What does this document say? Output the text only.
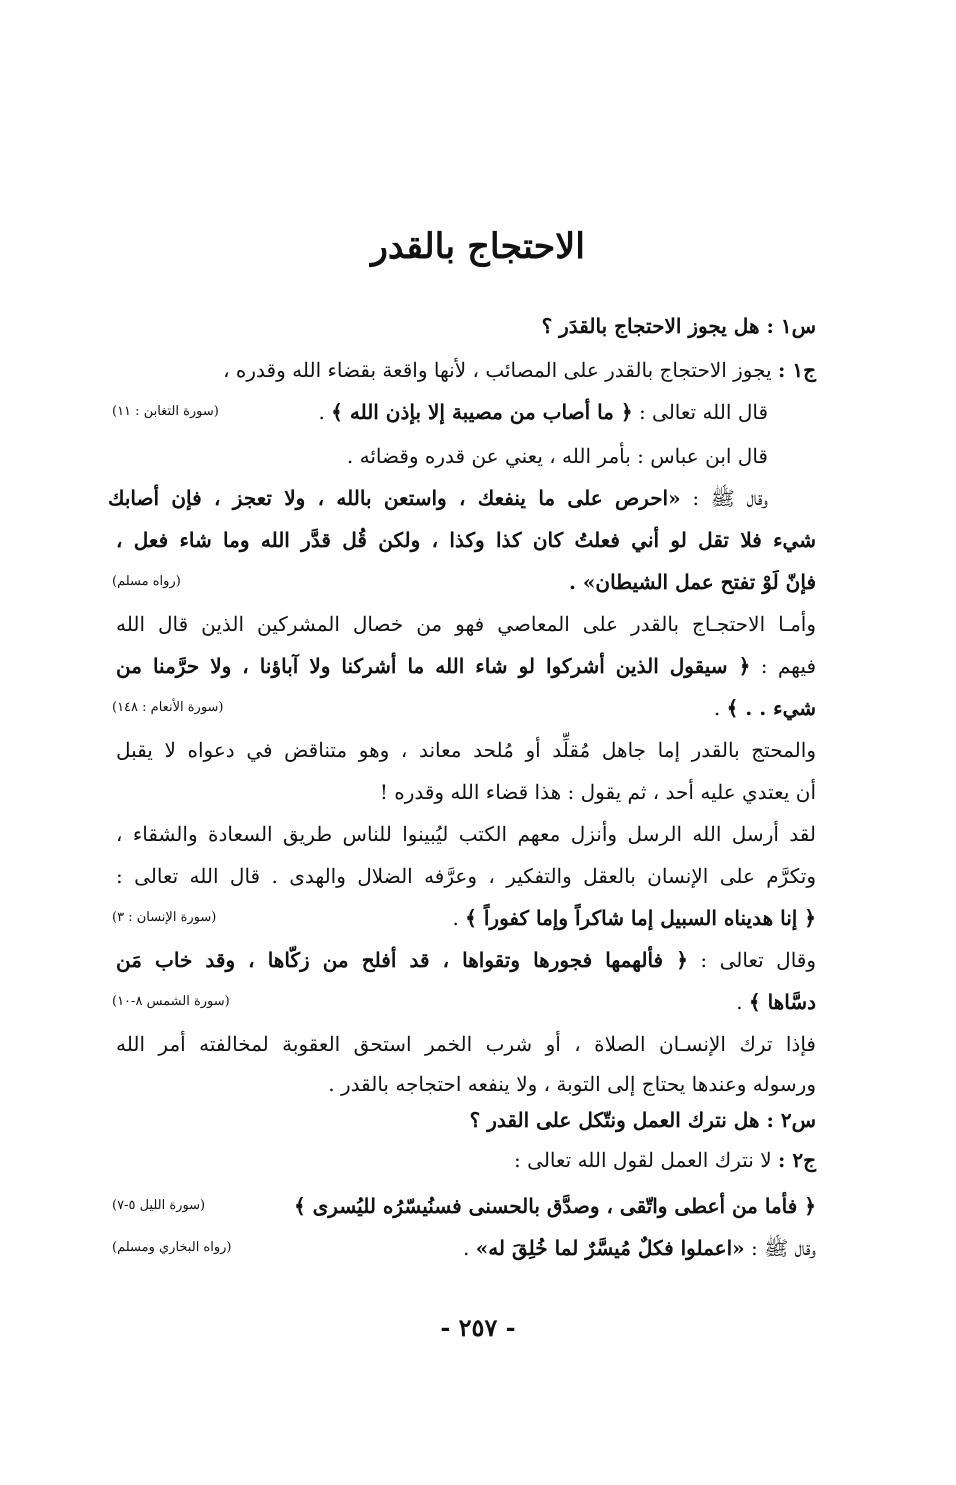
الاحتجاج بالقدر
س١ : هل يجوز الاحتجاج بالقدَر ؟
ج١ : يجوز الاحتجاج بالقدر على المصائب ، لأنها واقعة بقضاء الله وقدره ،
قال الله تعالى : ﴿ ما أصاب من مصيبة إلا بإذن الله ﴾ .
(سورة التغابن : ١١)
قال ابن عباس : بأمر الله ، يعني عن قدره وقضائه .
وقال ﷺ : «احرص على ما ينفعك ، واستعن بالله ، ولا تعجز ، فإن أصابك
شيء فلا تقل لو أني فعلتُ كان كذا وكذا ، ولكن قُل قدَّر الله وما شاء فعل ،
فإنّ لَوْ تفتح عمل الشيطان» .
(رواه مسلم)
وأمـا الاحتجـاج بالقدر على المعاصي فهو من خصال المشركين الذين قال الله
فيهم : ﴿ سيقول الذين أشركوا لو شاء الله ما أشركنا ولا آباؤنا ، ولا حرَّمنا من
شيء . . ﴾ .
(سورة الأنعام : ١٤٨)
والمحتج بالقدر إما جاهل مُقلِّد أو مُلحد معاند ، وهو متناقض في دعواه لا يقبل
أن يعتدي عليه أحد ، ثم يقول : هذا قضاء الله وقدره !
لقد أرسل الله الرسل وأنزل معهم الكتب ليُبينوا للناس طريق السعادة والشقاء ،
وتكرَّم على الإنسان بالعقل والتفكير ، وعرَّفه الضلال والهدى . قال الله تعالى :
﴿ إنا هديناه السبيل إما شاكراً وإما كفوراً ﴾ .
(سورة الإنسان : ٣)
وقال تعالى : ﴿ فألهمها فجورها وتقواها ، قد أفلح من زكّاها ، وقد خاب مَن
دسَّاها ﴾ .
(سورة الشمس ٨-١٠)
فإذا ترك الإنسـان الصلاة ، أو شرب الخمر استحق العقوبة لمخالفته أمر الله
ورسوله وعندها يحتاج إلى التوبة ، ولا ينفعه احتجاجه بالقدر .
س٢ : هل نترك العمل ونتّكل على القدر ؟
ج٢ : لا نترك العمل لقول الله تعالى :
﴿ فأما من أعطى واتّقى ، وصدَّق بالحسنى فسنُيسّرُه لليُسرى ﴾
(سورة الليل ٥-٧)
وقال ﷺ : «اعملوا فكلٌ مُيسَّرٌ لما خُلِقَ له» .
(رواه البخاري ومسلم)
- ٢٥٧ -
